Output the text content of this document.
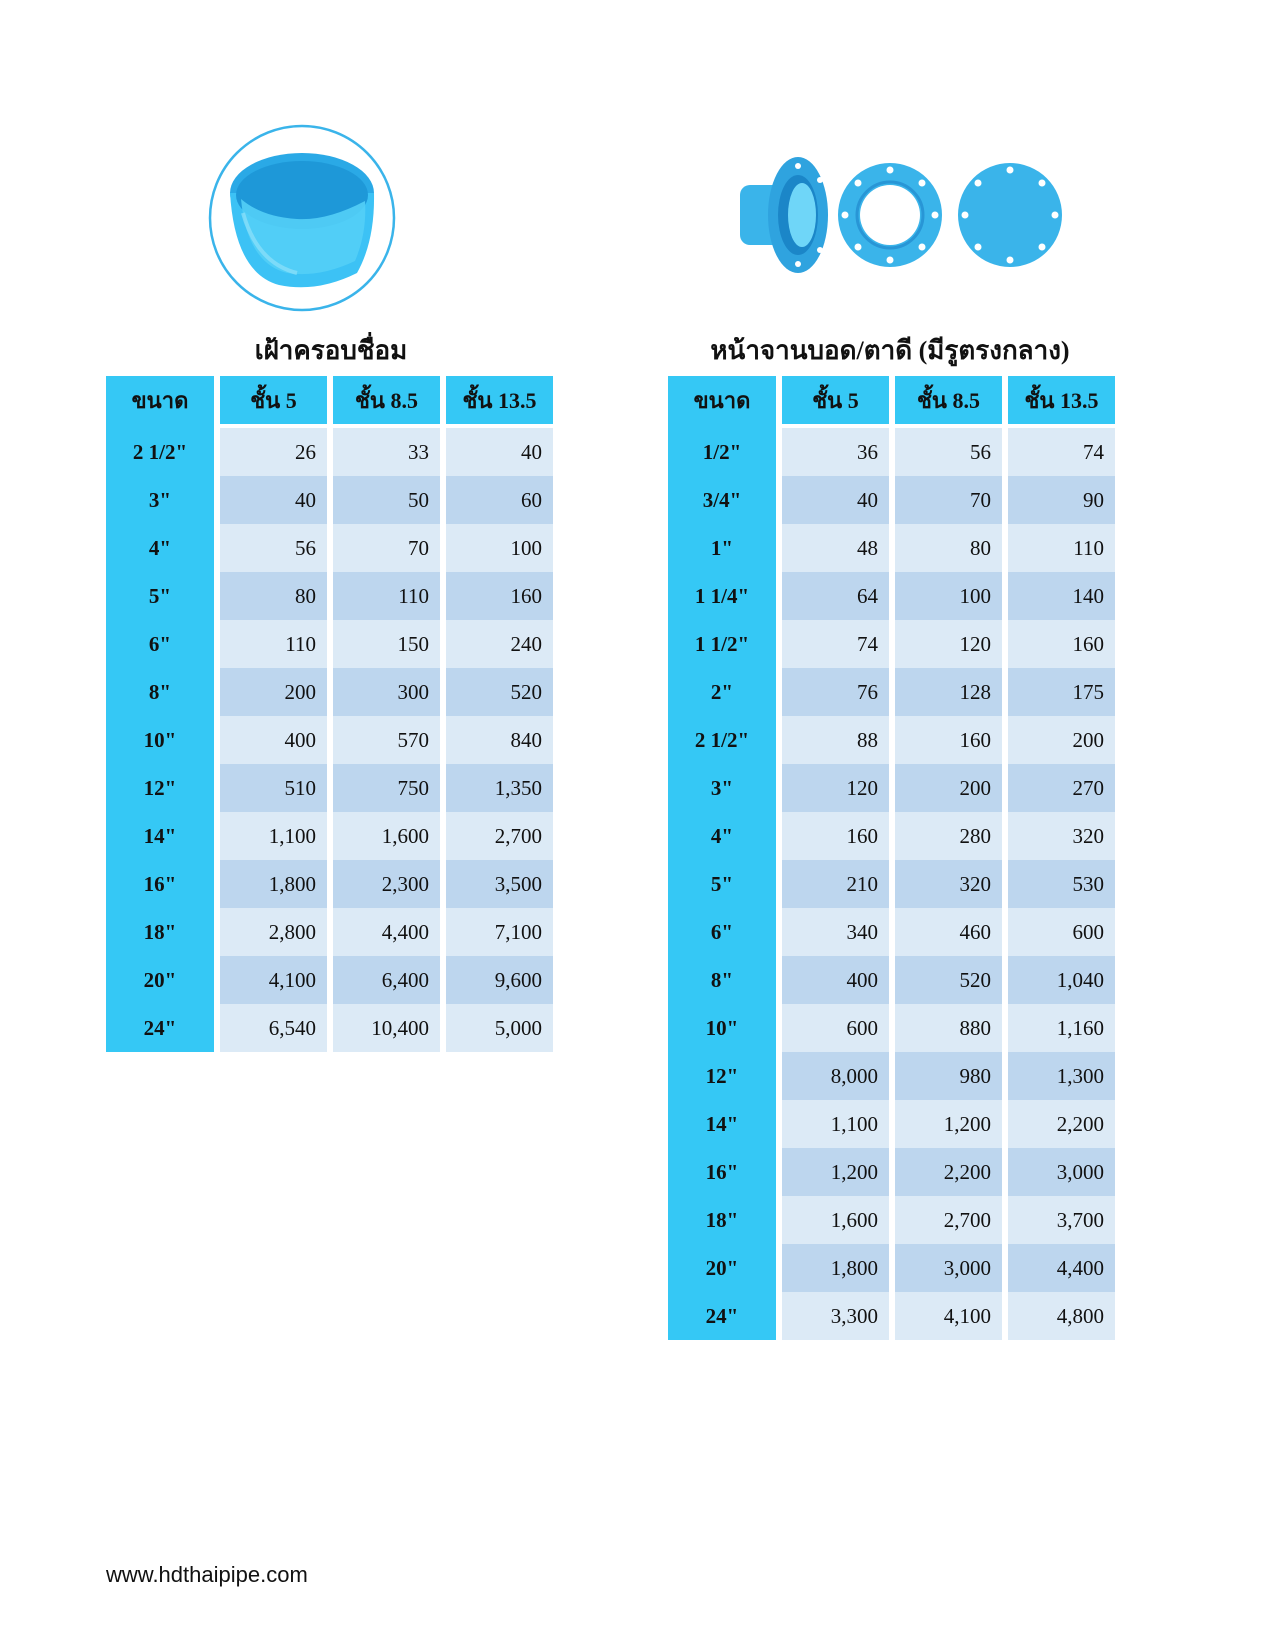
เฝ้าครอบชื่อม	หน้าจานบอด/ตาดี (มีรูตรงกลาง)
ขนาด	ชั้น 5	ชั้น 8.5	ชั้น 13.5

2 1/2"	26	33	40
3"	40	50	60
4"	56	70	100
5"	80	110	160
6"	110	150	240
8"	200	300	520
10"	400	570	840
12"	510	750	1,350
14"	1,100	1,600	2,700
16"	1,800	2,300	3,500
18"	2,800	4,400	7,100
20"	4,100	6,400	9,600
24"	6,540	10,400	5,000
ขนาด	ชั้น 5	ชั้น 8.5	ชั้น 13.5

1/2"	36	56	74
3/4"	40	70	90
1"	48	80	110
1 1/4"	64	100	140
1 1/2"	74	120	160
2"	76	128	175
2 1/2"	88	160	200
3"	120	200	270
4"	160	280	320
5"	210	320	530
6"	340	460	600
8"	400	520	1,040
10"	600	880	1,160
12"	8,000	980	1,300
14"	1,100	1,200	2,200
16"	1,200	2,200	3,000
18"	1,600	2,700	3,700
20"	1,800	3,000	4,400
24"	3,300	4,100	4,800
www.hdthaipipe.com
